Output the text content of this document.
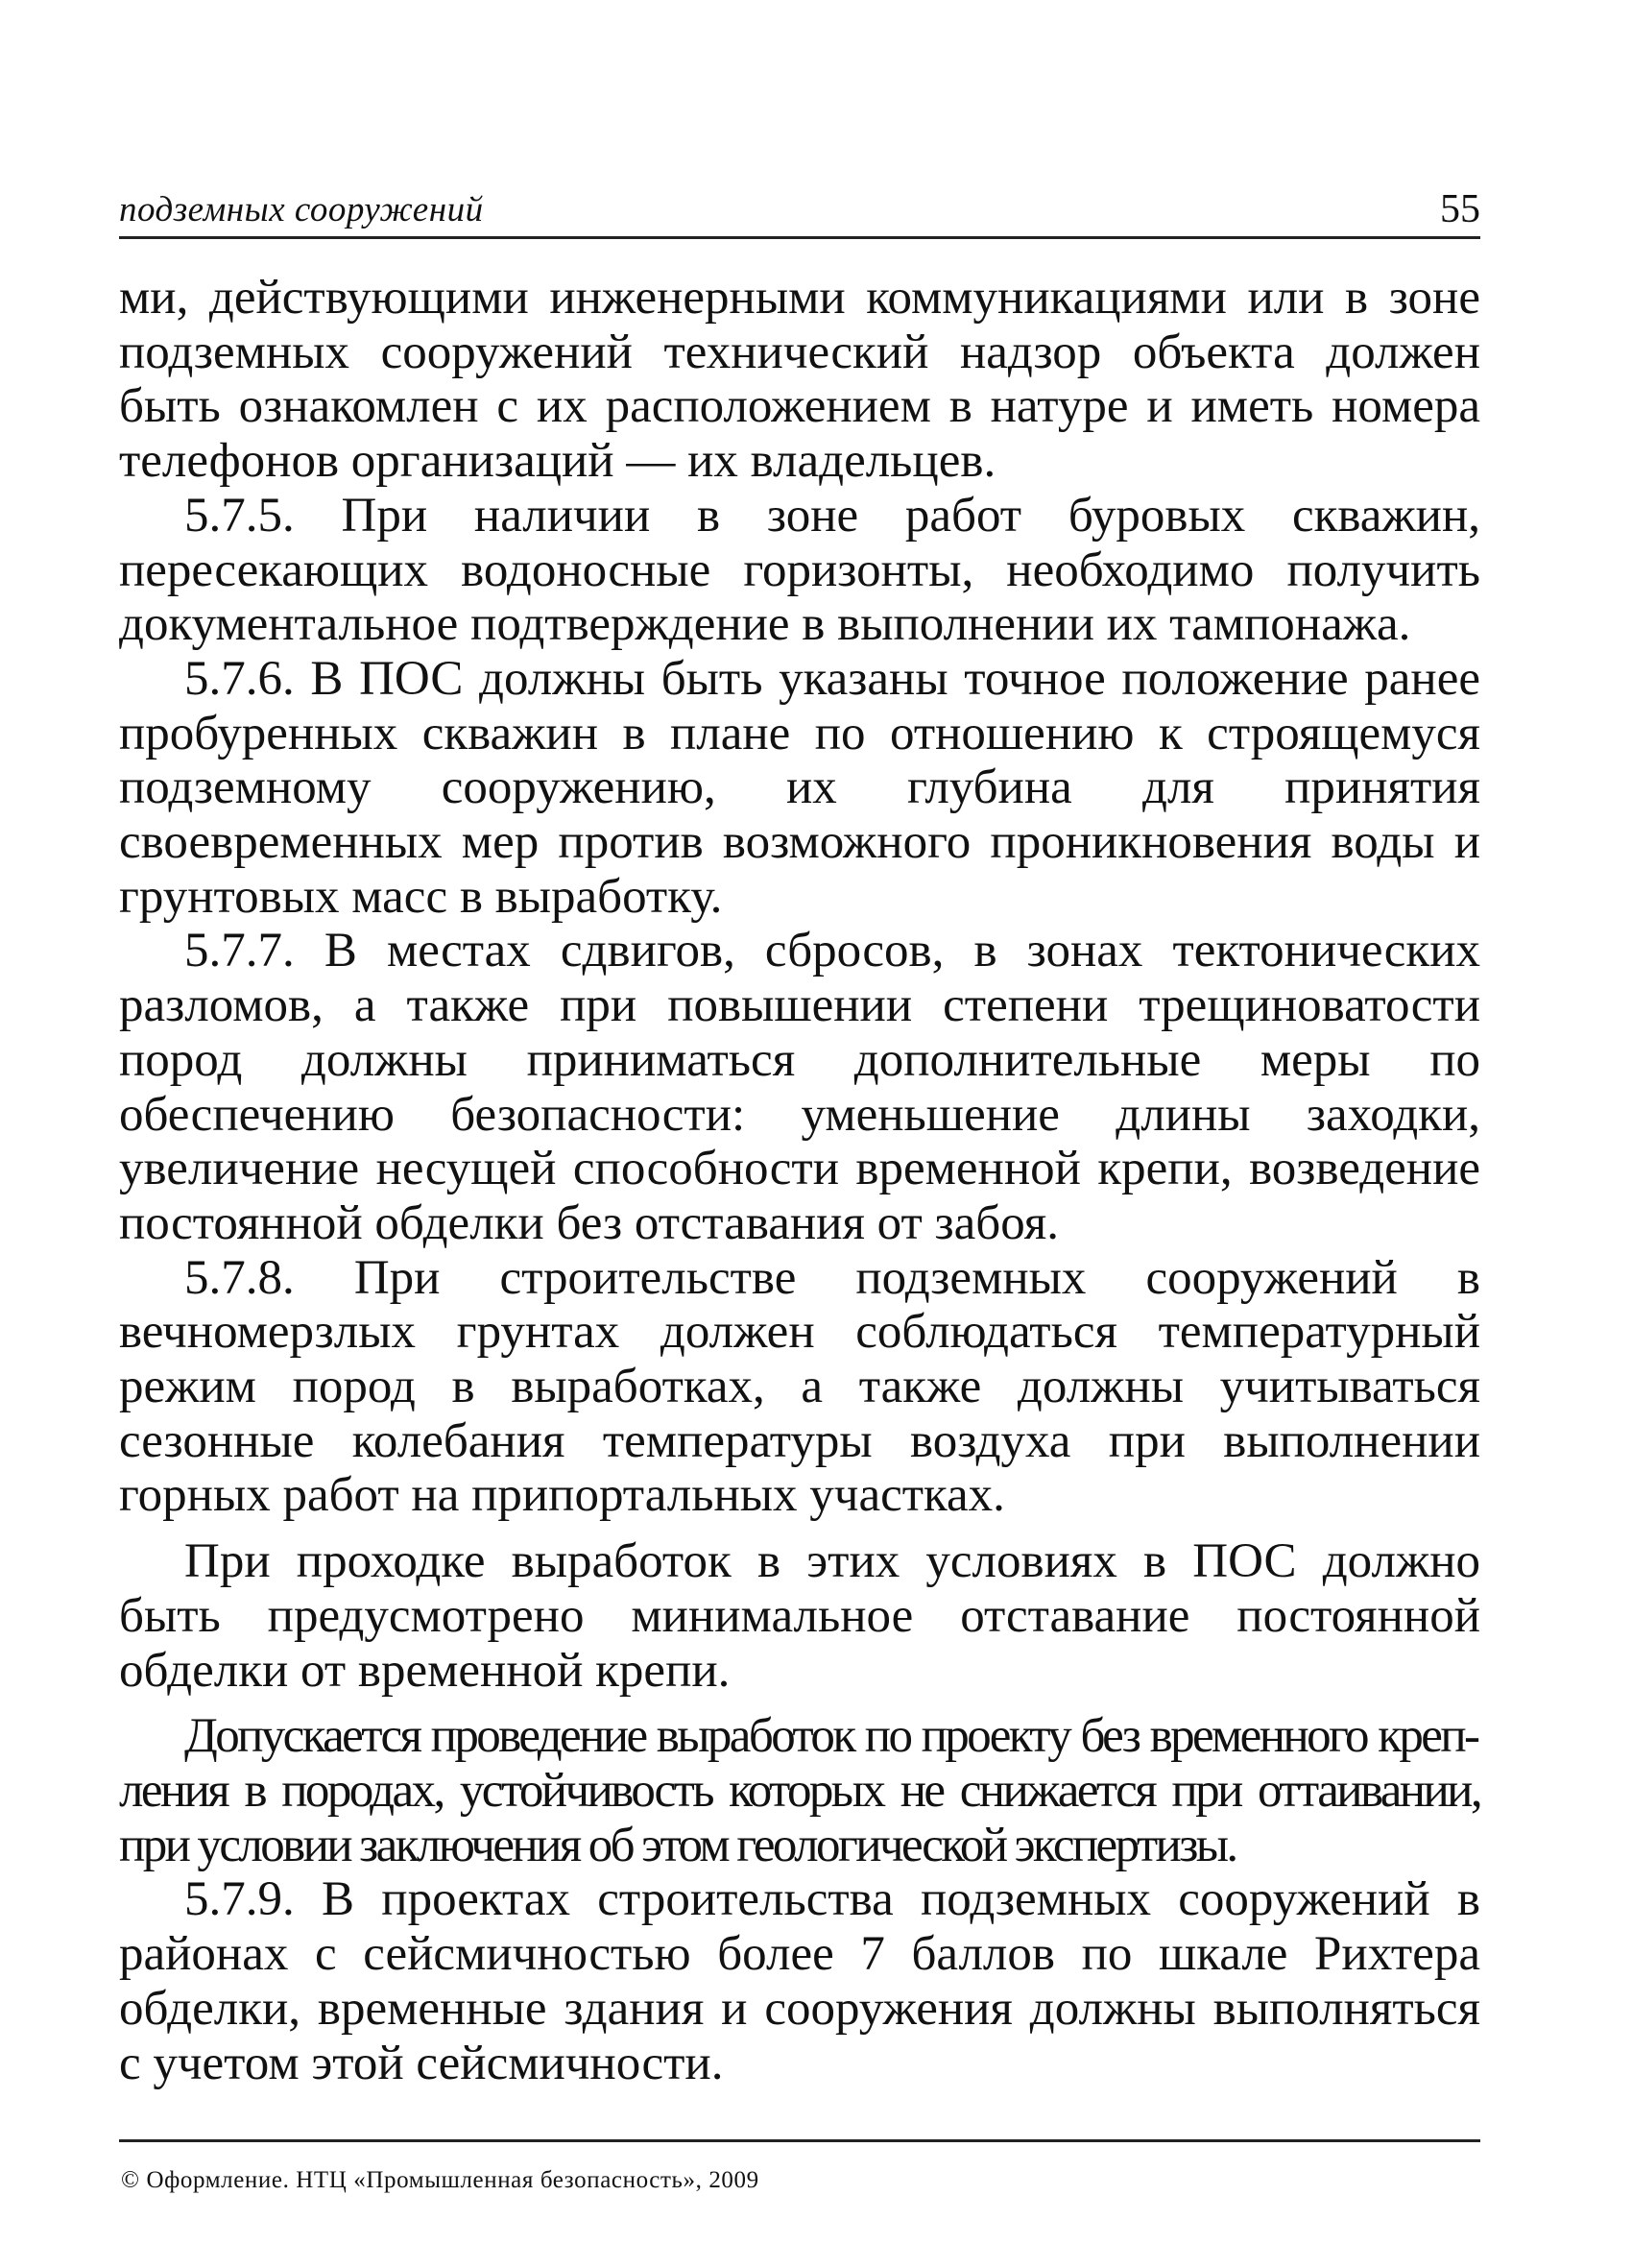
подземных сооружений	55

ми, действующими инженерными коммуникациями или в зоне подземных сооружений технический надзор объекта должен быть ознакомлен с их расположением в натуре и иметь номера телефонов организаций — их владельцев.

5.7.5. При наличии в зоне работ буровых скважин, пересекающих водоносные горизонты, необходимо получить документальное подтверждение в выполнении их тампонажа.

5.7.6. В ПОС должны быть указаны точное положение ранее пробуренных скважин в плане по отношению к строящемуся подземному сооружению, их глубина для принятия своевременных мер против возможного проникновения воды и грунтовых масс в выработку.

5.7.7. В местах сдвигов, сбросов, в зонах тектонических разломов, а также при повышении степени трещиноватости пород должны приниматься дополнительные меры по обеспечению безопасности: уменьшение длины заходки, увеличение несущей способности временной крепи, возведение постоянной обделки без отставания от забоя.

5.7.8. При строительстве подземных сооружений в вечномерзлых грунтах должен соблюдаться температурный режим пород в выработках, а также должны учитываться сезонные колебания температуры воздуха при выполнении горных работ на припортальных участках.

При проходке выработок в этих условиях в ПОС должно быть предусмотрено минимальное отставание постоянной обделки от временной крепи.

Допускается проведение выработок по проекту без временного крепления в породах, устойчивость которых не снижается при оттаивании, при условии заключения об этом геологической экспертизы.

5.7.9. В проектах строительства подземных сооружений в районах с сейсмичностью более 7 баллов по шкале Рихтера обделки, временные здания и сооружения должны выполняться с учетом этой сейсмичности.

© Оформление. НТЦ «Промышленная безопасность», 2009
